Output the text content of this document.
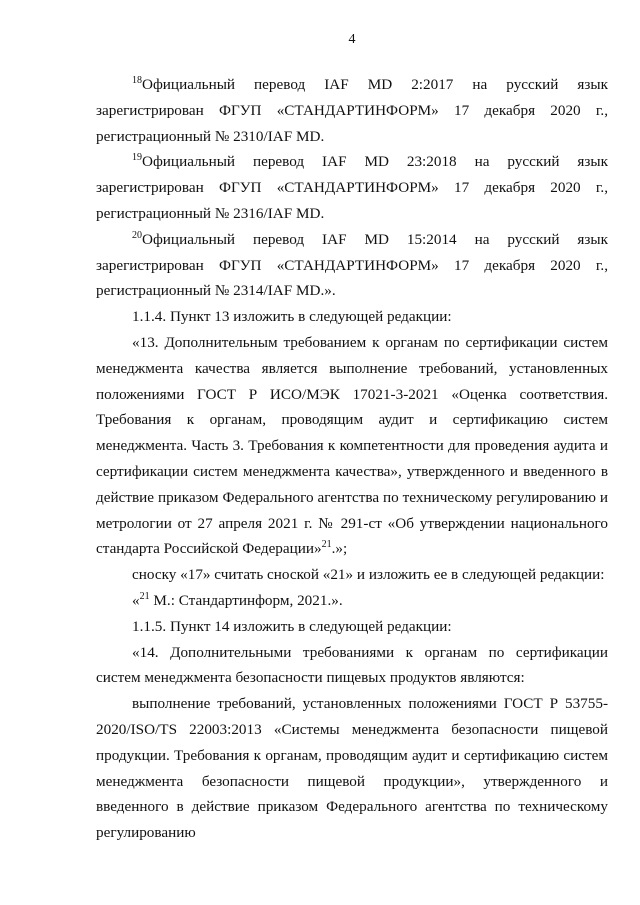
4

$^{18}$Официальный перевод IAF MD 2:2017 на русский язык зарегистрирован ФГУП «СТАНДАРТИНФОРМ» 17 декабря 2020 г., регистрационный № 2310/IAF MD.

$^{19}$Официальный перевод IAF MD 23:2018 на русский язык зарегистрирован ФГУП «СТАНДАРТИНФОРМ» 17 декабря 2020 г., регистрационный № 2316/IAF MD.

$^{20}$Официальный перевод IAF MD 15:2014 на русский язык зарегистрирован ФГУП «СТАНДАРТИНФОРМ» 17 декабря 2020 г., регистрационный № 2314/IAF MD.».

1.1.4. Пункт 13 изложить в следующей редакции:

«13. Дополнительным требованием к органам по сертификации систем менеджмента качества является выполнение требований, установленных положениями ГОСТ Р ИСО/МЭК 17021-3-2021 «Оценка соответствия. Требования к органам, проводящим аудит и сертификацию систем менеджмента. Часть 3. Требования к компетентности для проведения аудита и сертификации систем менеджмента качества», утвержденного и введенного в действие приказом Федерального агентства по техническому регулированию и метрологии от 27 апреля 2021 г. № 291-ст «Об утверждении национального стандарта Российской Федерации»$^{21}$.»;

сноску «17» считать сноской «21» и изложить ее в следующей редакции:

«$^{21}$ М.: Стандартинформ, 2021.».

1.1.5. Пункт 14 изложить в следующей редакции:

«14. Дополнительными требованиями к органам по сертификации систем менеджмента безопасности пищевых продуктов являются:

выполнение требований, установленных положениями ГОСТ Р 53755-2020/ISO/TS 22003:2013 «Системы менеджмента безопасности пищевой продукции. Требования к органам, проводящим аудит и сертификацию систем менеджмента безопасности пищевой продукции», утвержденного и введенного в действие приказом Федерального агентства по техническому регулированию
